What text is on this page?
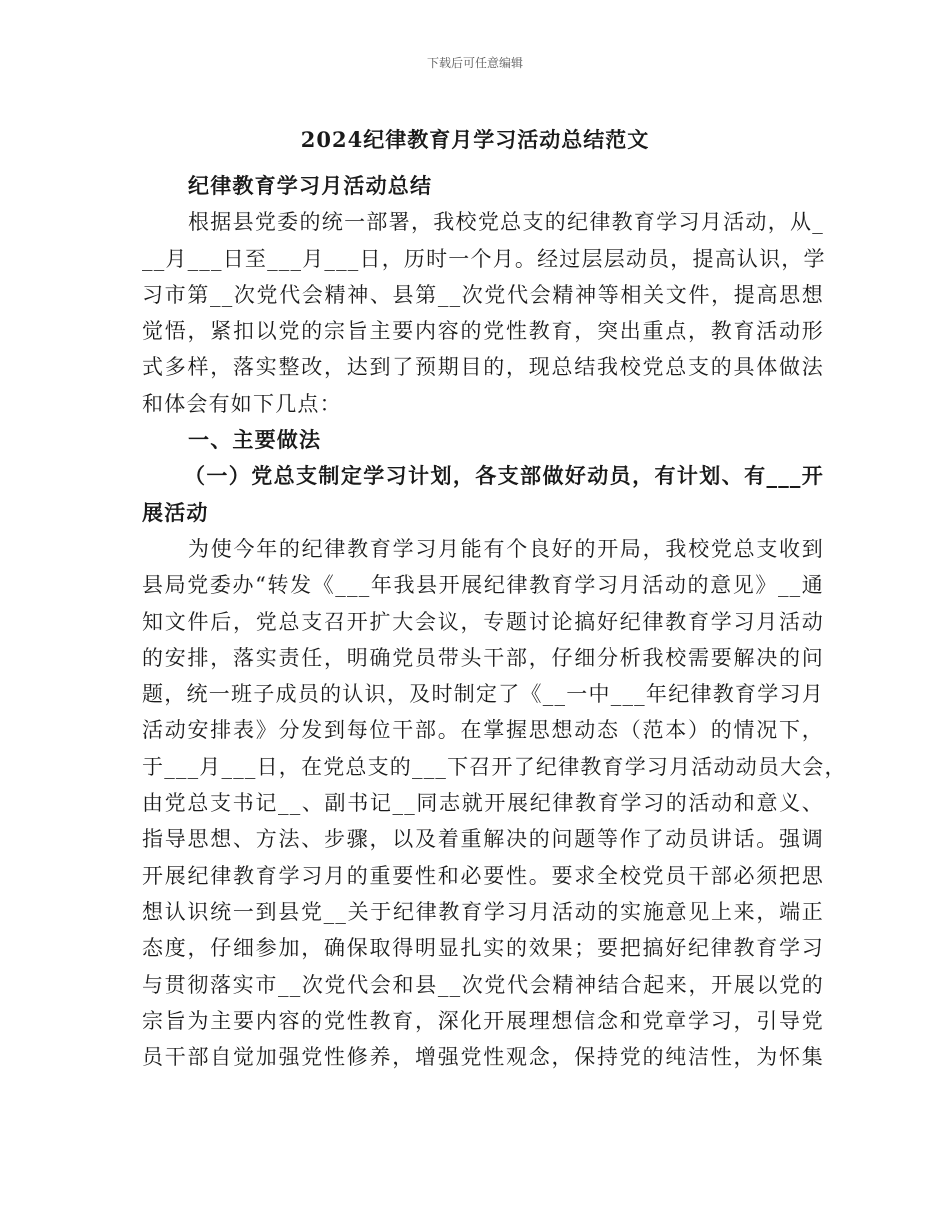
下载后可任意编辑
2024纪律教育月学习活动总结范文
纪律教育学习月活动总结
根据县党委的统一部署，我校党总支的纪律教育学习月活动，从_
__月___日至___月___日，历时一个月。经过层层动员，提高认识，学
习市第__次党代会精神、县第__次党代会精神等相关文件，提高思想
觉悟，紧扣以党的宗旨主要内容的党性教育，突出重点，教育活动形
式多样，落实整改，达到了预期目的，现总结我校党总支的具体做法
和体会有如下几点：
一、主要做法
（一）党总支制定学习计划，各支部做好动员，有计划、有___开
展活动
为使今年的纪律教育学习月能有个良好的开局，我校党总支收到
县局党委办“转发《___年我县开展纪律教育学习月活动的意见》__通
知文件后，党总支召开扩大会议，专题讨论搞好纪律教育学习月活动
的安排，落实责任，明确党员带头干部，仔细分析我校需要解决的问
题，统一班子成员的认识，及时制定了《__一中___年纪律教育学习月
活动安排表》分发到每位干部。在掌握思想动态（范本）的情况下，
于___月___日，在党总支的___下召开了纪律教育学习月活动动员大会，
由党总支书记__、副书记__同志就开展纪律教育学习的活动和意义、
指导思想、方法、步骤，以及着重解决的问题等作了动员讲话。强调
开展纪律教育学习月的重要性和必要性。要求全校党员干部必须把思
想认识统一到县党__关于纪律教育学习月活动的实施意见上来，端正
态度，仔细参加，确保取得明显扎实的效果；要把搞好纪律教育学习
与贯彻落实市__次党代会和县__次党代会精神结合起来，开展以党的
宗旨为主要内容的党性教育，深化开展理想信念和党章学习，引导党
员干部自觉加强党性修养，增强党性观念，保持党的纯洁性，为怀集
